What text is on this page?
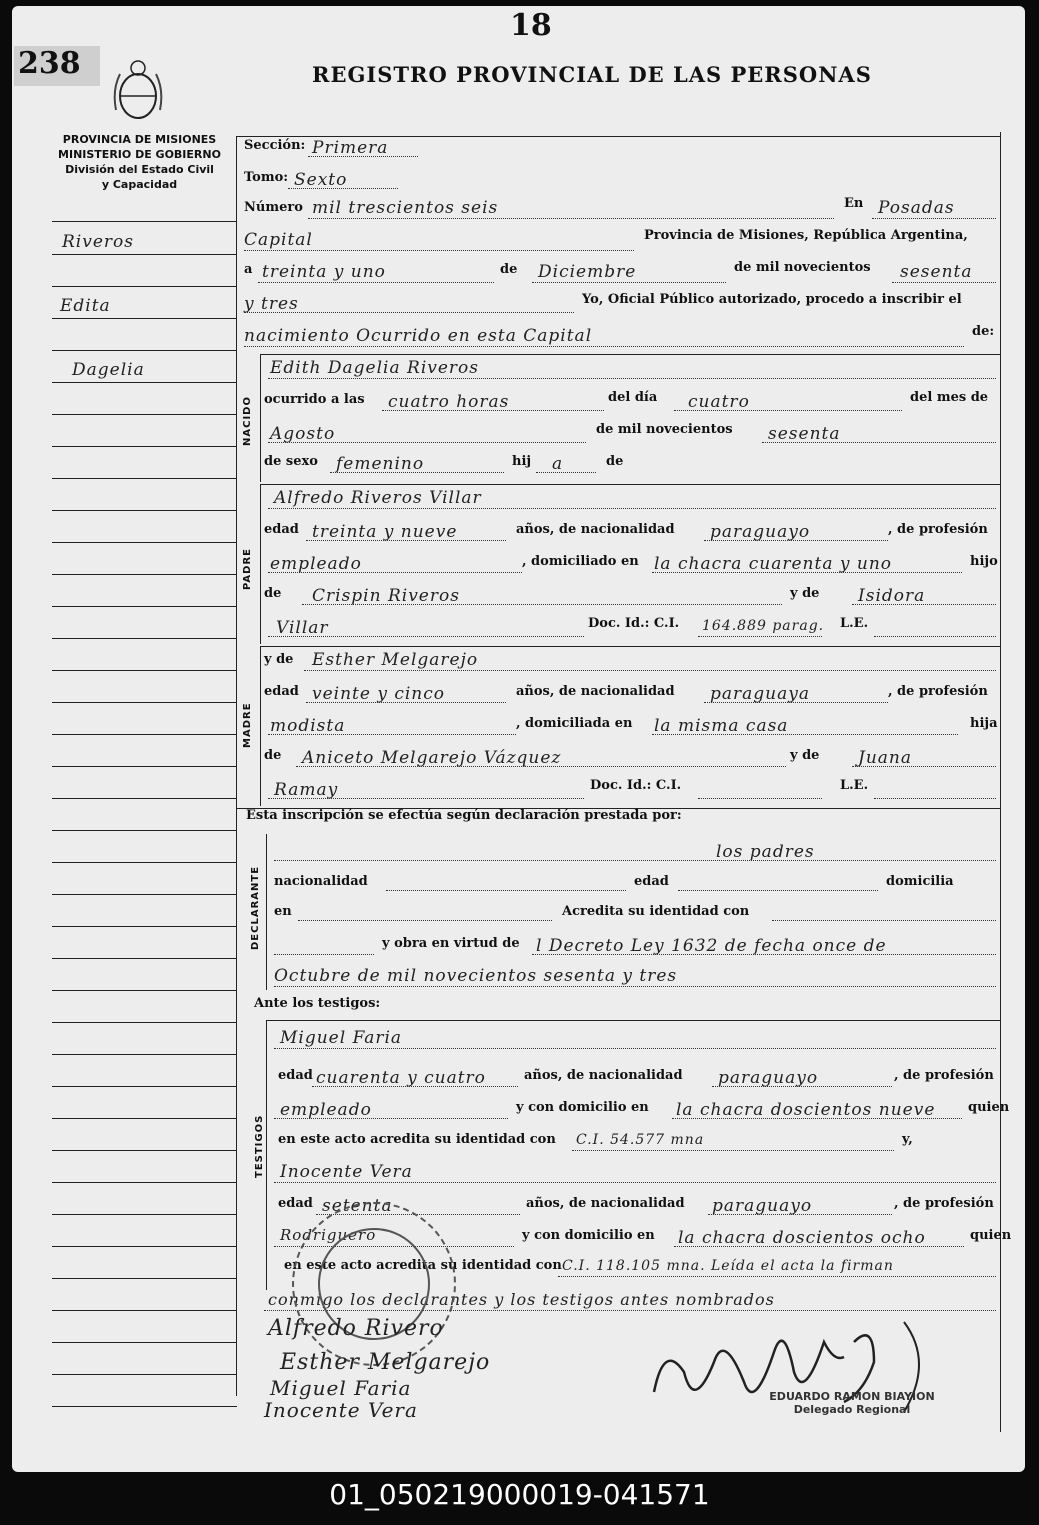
18
238	REGISTRO PROVINCIAL DE LAS PERSONAS
PROVINCIA DE MISIONES
MINISTERIO DE GOBIERNO
División del Estado Civil
y Capacidad
Riveros
Edita
Dagelia
Sección: Primera
Tomo: Sexto
Número mil trescientos seis	En Posadas
Capital	Provincia de Misiones, República Argentina,
a treinta y uno	de Diciembre	de mil novecientos sesenta
y tres	Yo, Oficial Público autorizado, procedo a inscribir el
nacimiento Ocurrido en esta Capital	de:
NACIDO
Edith Dagelia Riveros
ocurrido a las cuatro horas	del día cuatro	del mes de
Agosto	de mil novecientos sesenta
de sexo femenino	hij a	de
PADRE
Alfredo Riveros Villar
edad treinta y nueve	años, de nacionalidad paraguayo	, de profesión
empleado	, domiciliado en la chacra cuarenta y uno	hijo
de Crispin Riveros	y de Isidora
Villar	Doc. Id.: C.I. 164.889 parag. L.E.
MADRE
y de Esther Melgarejo
edad veinte y cinco	años, de nacionalidad paraguaya	, de profesión
modista	, domiciliada en la misma casa	hija
de Aniceto Melgarejo Vázquez	y de Juana
Ramay	Doc. Id.: C.I.	L.E.
Esta inscripción se efectúa según declaración prestada por:
los padres
DECLARANTE nacionalidad	edad	domicilia
en	Acredita su identidad con
y obra en virtud de l Decreto Ley 1632 de fecha once de
Octubre de mil novecientos sesenta y tres
Ante los testigos:
TESTIGOS
Miguel Faria
edad cuarenta y cuatro	años, de nacionalidad paraguayo	, de profesión
empleado	y con domicilio en la chacra doscientos nueve	quien
en este acto acredita su identidad con C.I. 54.577 mna	y,
Inocente Vera
edad setenta	años, de nacionalidad paraguayo	, de profesión
Rodriguero	y con domicilio en la chacra doscientos ocho	quien
en este acto acredita su identidad con C.I. 118.105 mna. Leída el acta la firman
conmigo los declarantes y los testigos antes nombrados
Alfredo Rivero
Esther Melgarejo
Miguel Faria
Inocente Vera
EDUARDO RAMON BIAYION
Delegado Regional
01_050219000019-041571
